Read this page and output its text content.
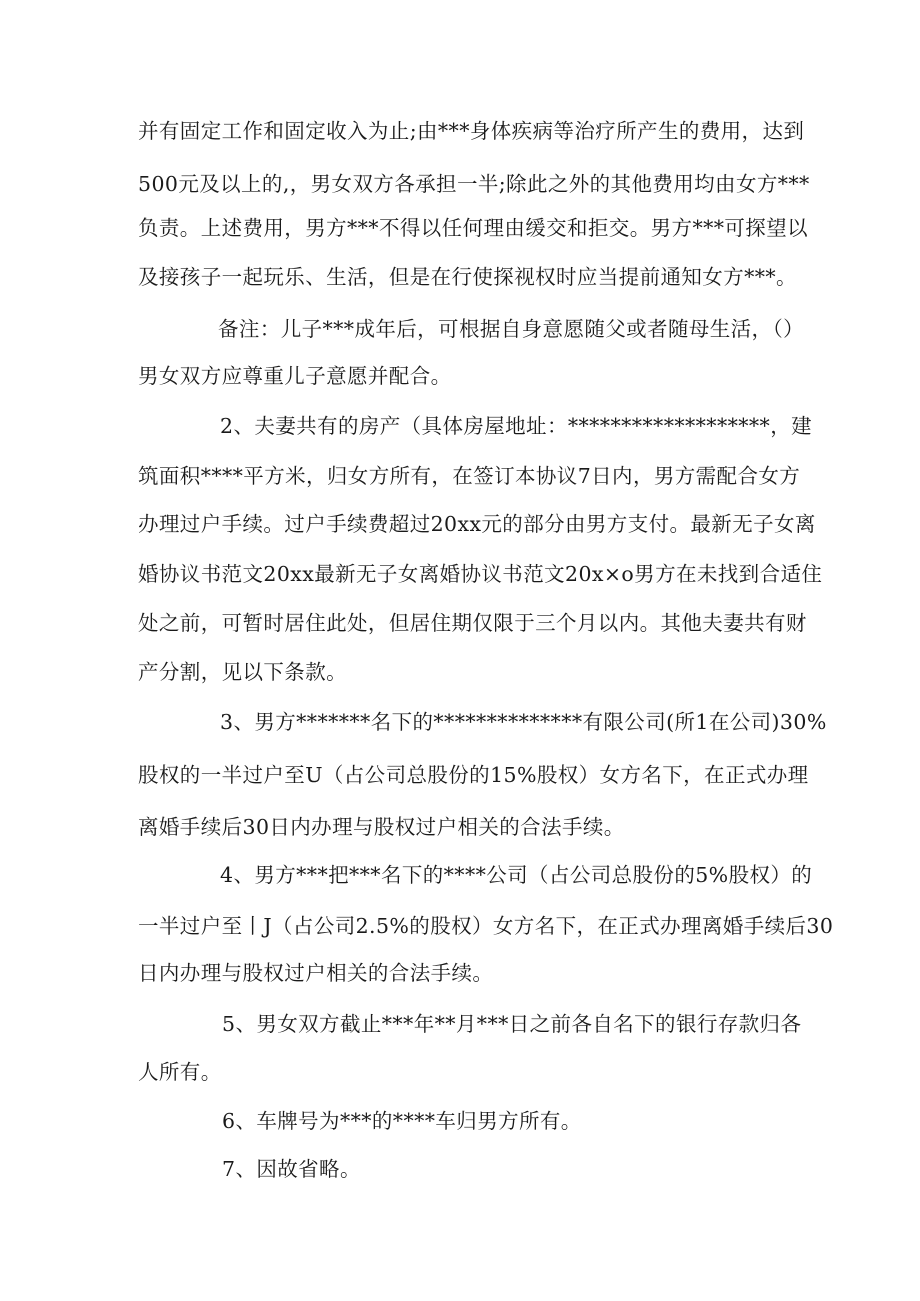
并有固定工作和固定收入为止;由***身体疾病等治疗所产生的费用，达到
500元及以上的,，男女双方各承担一半;除此之外的其他费用均由女方***
负责。上述费用，男方***不得以任何理由缓交和拒交。男方***可探望以
及接孩子一起玩乐、生活，但是在行使探视权时应当提前通知女方***。
备注：儿子***成年后，可根据自身意愿随父或者随母生活，（）
男女双方应尊重儿子意愿并配合。
2、夫妻共有的房产（具体房屋地址：*******************，建
筑面积****平方米，归女方所有，在签订本协议7日内，男方需配合女方
办理过户手续。过户手续费超过20xx元的部分由男方支付。最新无子女离
婚协议书范文20xx最新无子女离婚协议书范文20x×o男方在未找到合适住
处之前，可暂时居住此处，但居住期仅限于三个月以内。其他夫妻共有财
产分割，见以下条款。
3、男方*******名下的**************有限公司(所1在公司)30%
股权的一半过户至U（占公司总股份的15%股权）女方名下，在正式办理
离婚手续后30日内办理与股权过户相关的合法手续。
4、男方***把***名下的****公司（占公司总股份的5%股权）的
一半过户至丨J（占公司2.5%的股权）女方名下，在正式办理离婚手续后30
日内办理与股权过户相关的合法手续。
5、男女双方截止***年**月***日之前各自名下的银行存款归各
人所有。
6、车牌号为***的****车归男方所有。
7、因故省略。
